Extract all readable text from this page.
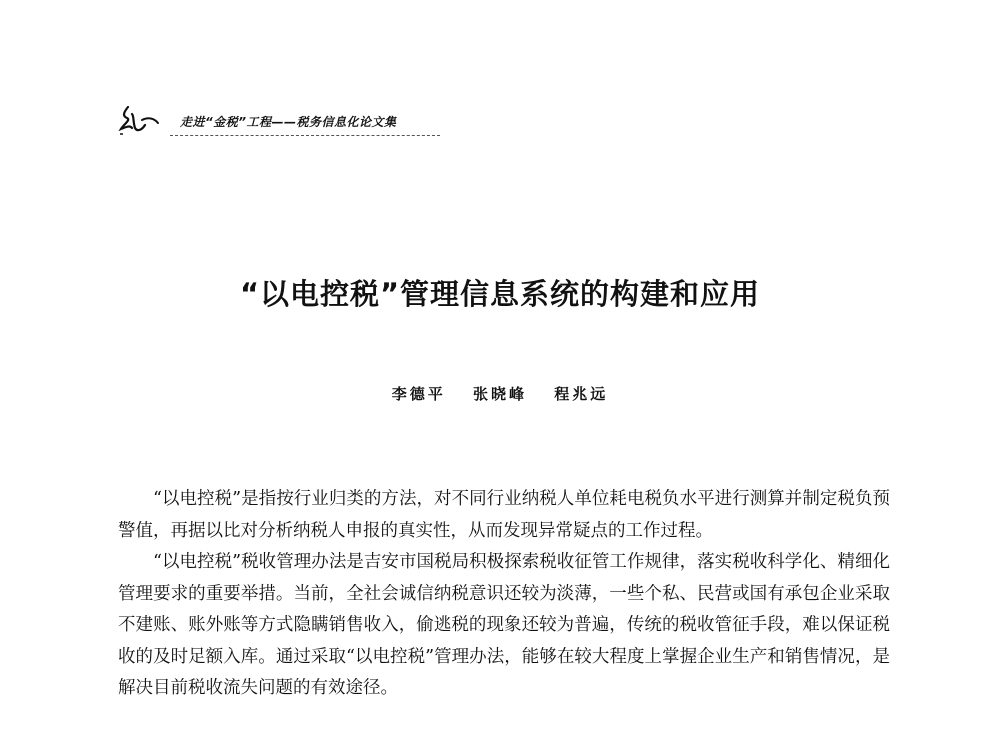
走进“金税”工程——税务信息化论文集
“以电控税”管理信息系统的构建和应用
李德平 张晓峰 程兆远

“以电控税”是指按行业归类的方法，对不同行业纳税人单位耗电税负水平进行测算并制定税负预警值，再据以比对分析纳税人申报的真实性，从而发现异常疑点的工作过程。

“以电控税”税收管理办法是吉安市国税局积极探索税收征管工作规律，落实税收科学化、精细化管理要求的重要举措。当前，全社会诚信纳税意识还较为淡薄，一些个私、民营或国有承包企业采取不建账、账外账等方式隐瞒销售收入，偷逃税的现象还较为普遍，传统的税收管征手段，难以保证税收的及时足额入库。通过采取“以电控税”管理办法，能够在较大程度上掌握企业生产和销售情况，是解决目前税收流失问题的有效途径。
